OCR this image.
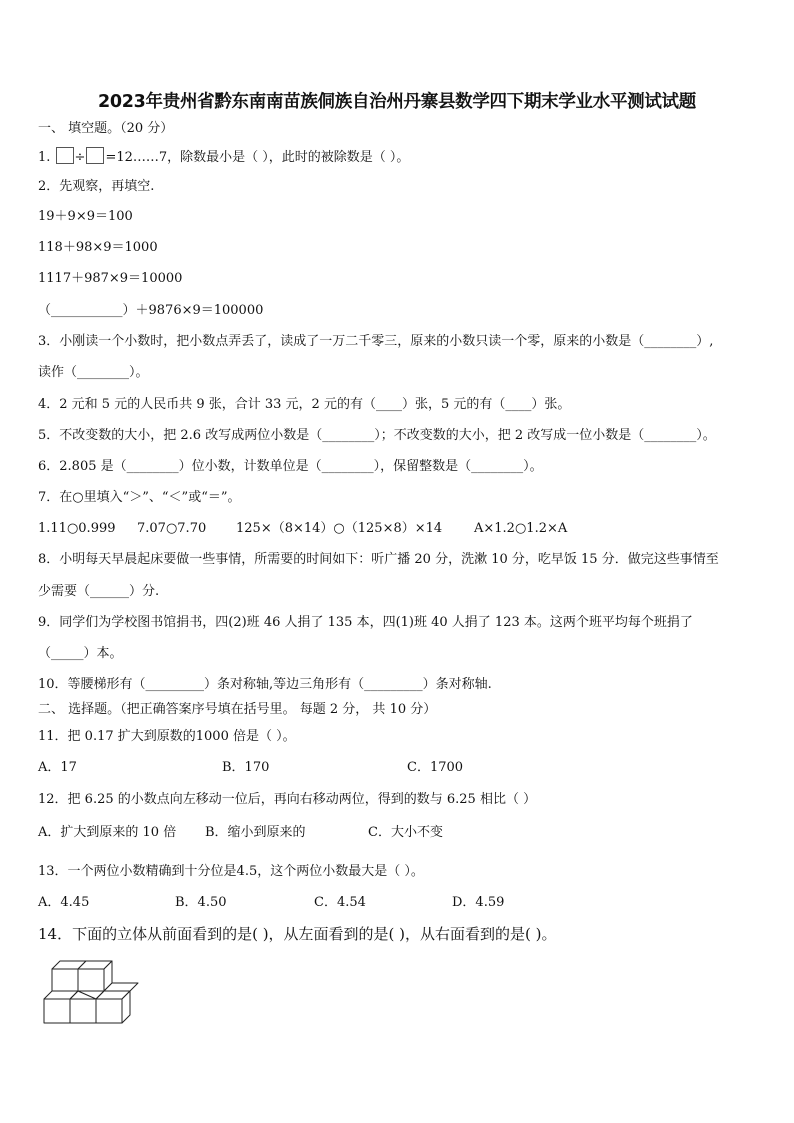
2023年贵州省黔东南南苗族侗族自治州丹寨县数学四下期末学业水平测试试题
一、 填空题。（20 分）
1. ÷ =12……7，除数最小是（ ），此时的被除数是（ ）。
2．先观察，再填空.
19＋9×9＝100
118＋98×9＝1000
1117＋987×9＝10000
（___________）＋9876×9＝100000
3．小刚读一个小数时，把小数点弄丢了，读成了一万二千零三，原来的小数只读一个零，原来的小数是（________）,
读作（________）。
4．2 元和 5 元的人民币共 9 张，合计 33 元，2 元的有（____）张，5 元的有（____）张。
5．不改变数的大小，把 2.6 改写成两位小数是（________）；不改变数的大小，把 2 改写成一位小数是（________）。
6．2.805 是（________）位小数，计数单位是（________），保留整数是（________）。
7．在○里填入“＞”、“＜”或“＝”。
1.11○0.999 7.07○7.70 125×（8×14）○（125×8）×14 A×1.2○1.2×A
8．小明每天早晨起床要做一些事情，所需要的时间如下：听广播 20 分，洗漱 10 分，吃早饭 15 分．做完这些事情至
少需要（______）分.
9．同学们为学校图书馆捐书，四(2)班 46 人捐了 135 本，四(1)班 40 人捐了 123 本。这两个班平均每个班捐了
（_____）本。
10．等腰梯形有（_________）条对称轴,等边三角形有（_________）条对称轴.
二、 选择题。（把正确答案序号填在括号里。 每题 2 分， 共 10 分）
11．把 0.17 扩大到原数的1000 倍是（ ）。
A．17	B．170	C．1700
12．把 6.25 的小数点向左移动一位后，再向右移动两位，得到的数与 6.25 相比（ ）
A．扩大到原来的 10 倍 B．缩小到原来的	C．大小不变
13．一个两位小数精确到十分位是4.5，这个两位小数最大是（ ）。
A．4.45	B．4.50	C．4.54	D．4.59
14．下面的立体从前面看到的是( )，从左面看到的是( )，从右面看到的是( )。
